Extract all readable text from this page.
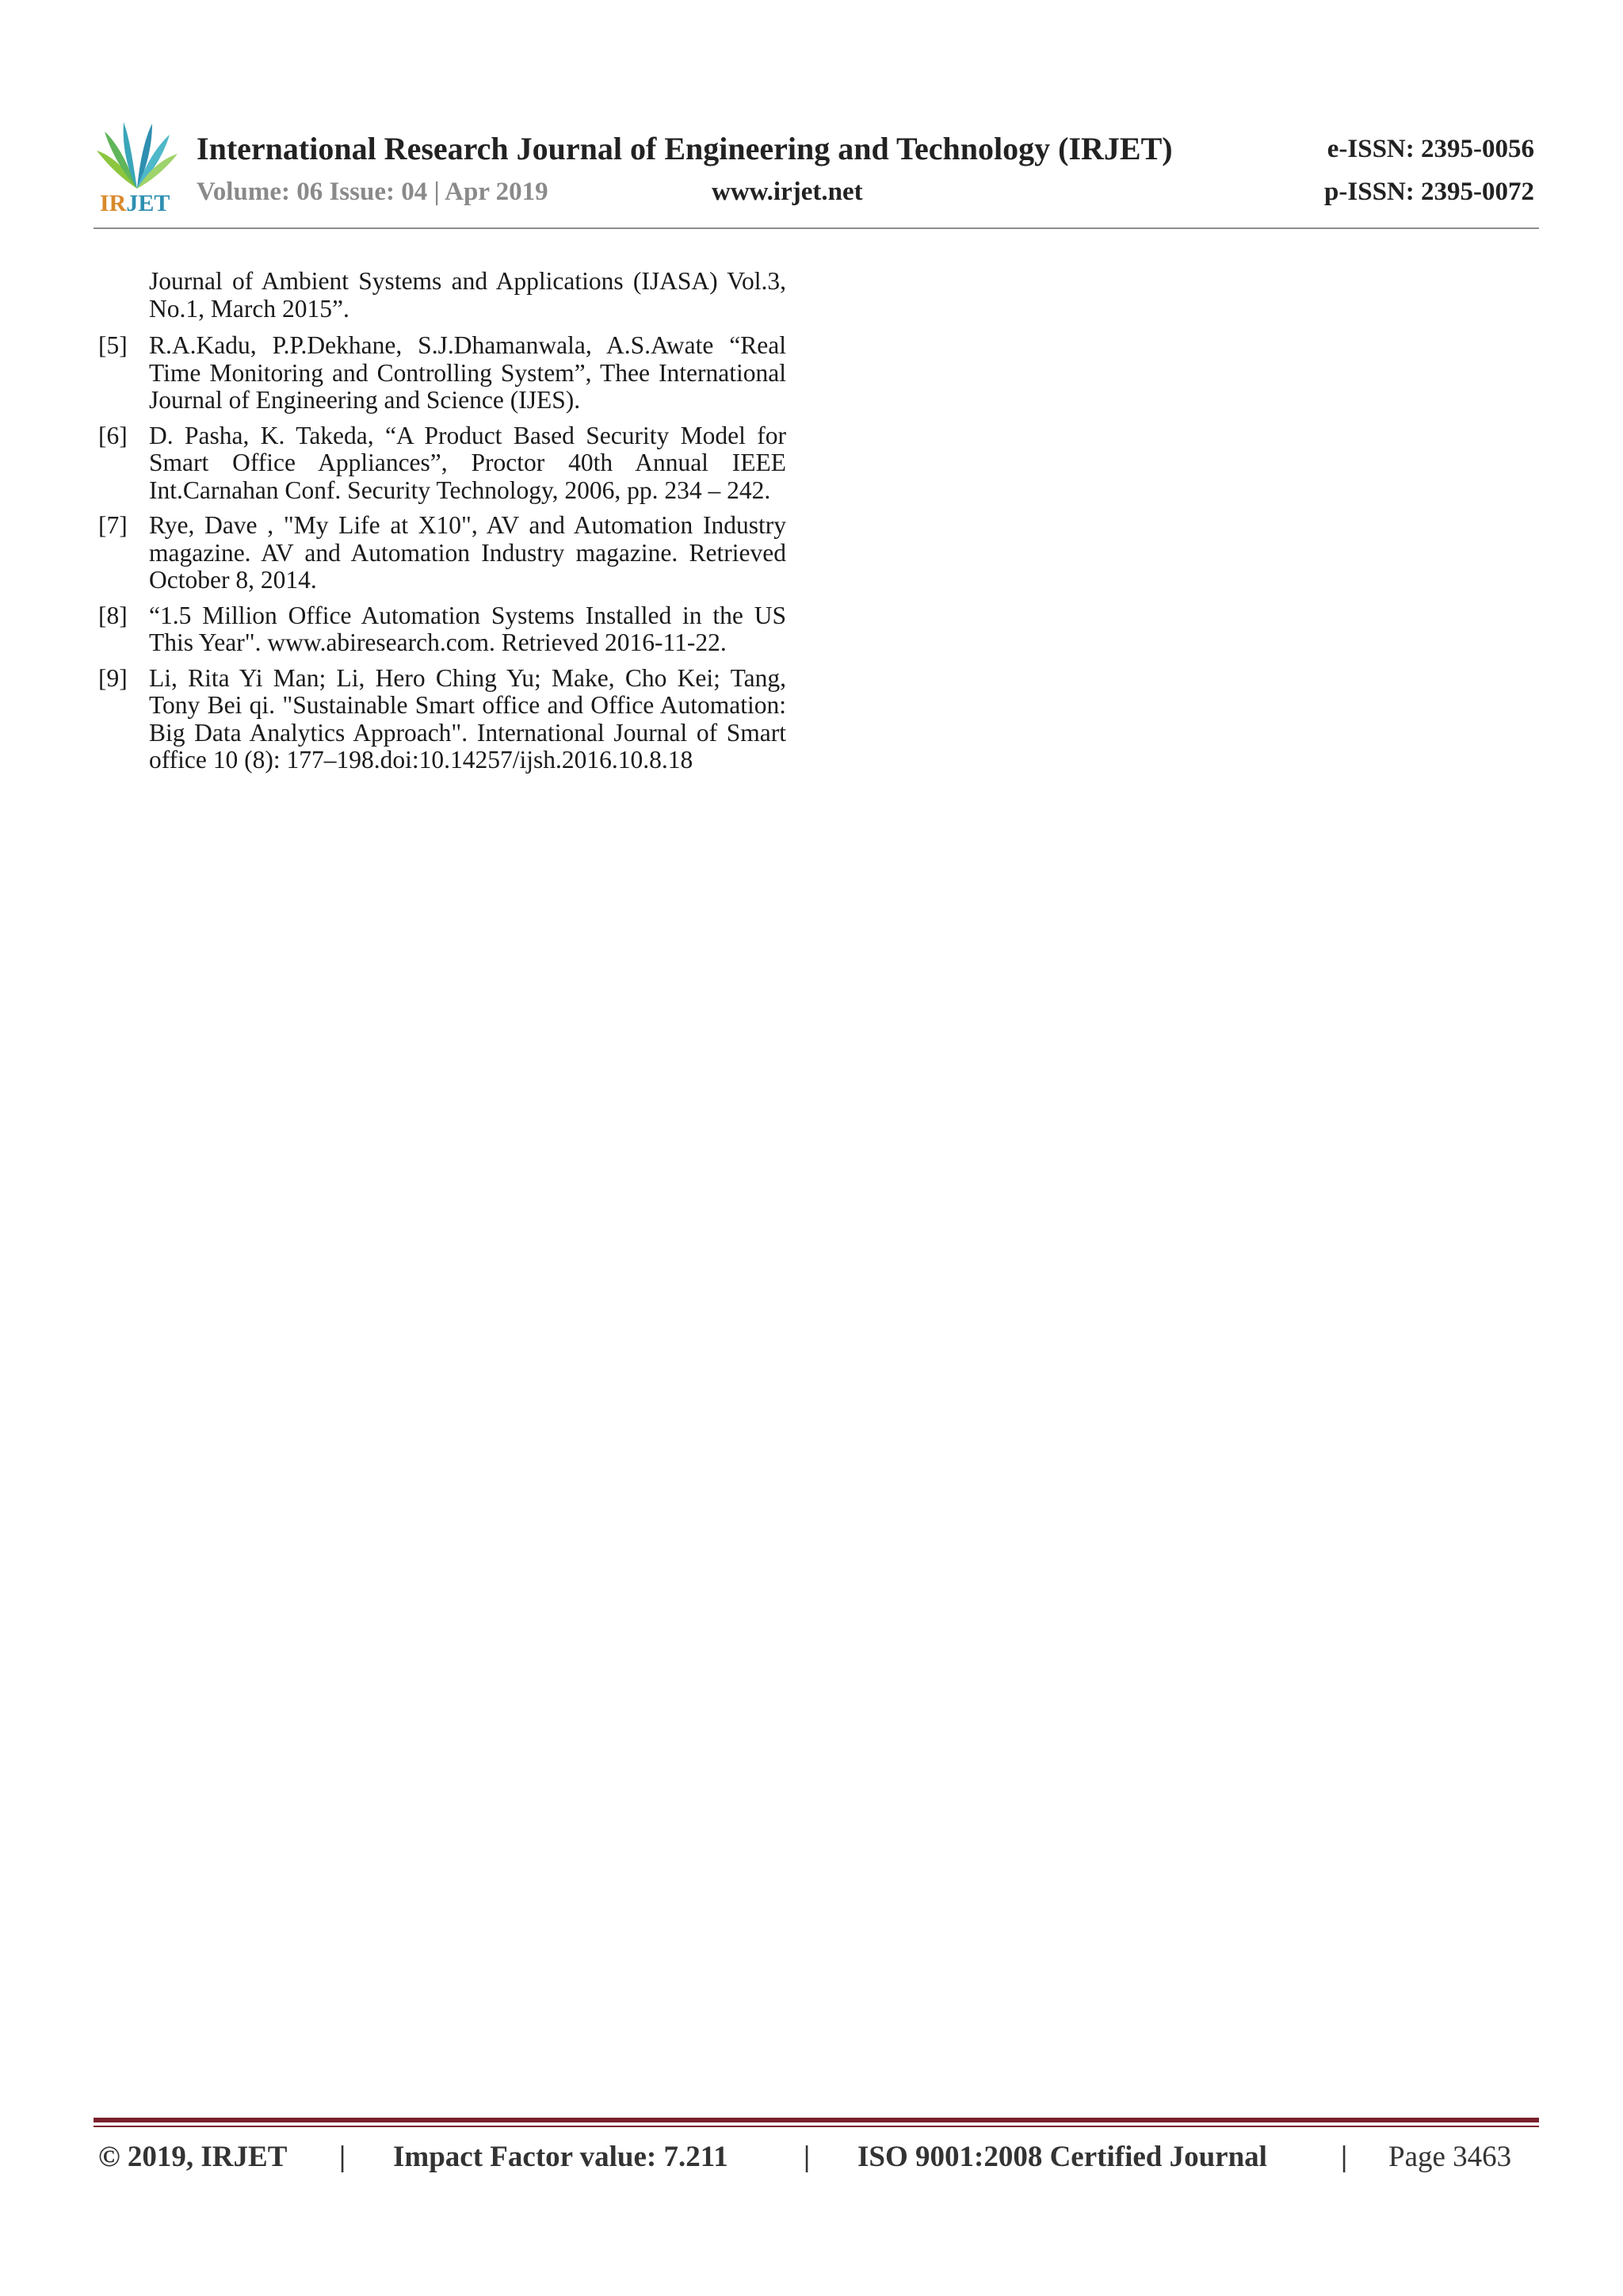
IRJET
International Research Journal of Engineering and Technology (IRJET)	e-ISSN: 2395-0056
Volume: 06 Issue: 04 | Apr 2019	www.irjet.net	p-ISSN: 2395-0072
Journal of Ambient Systems and Applications (IJASA) Vol.3, No.1, March 2015”.
[5] R.A.Kadu, P.P.Dekhane, S.J.Dhamanwala, A.S.Awate “Real Time Monitoring and Controlling System”, Thee International Journal of Engineering and Science (IJES).
[6] D. Pasha, K. Takeda, “A Product Based Security Model for Smart Office Appliances”, Proctor 40th Annual IEEE Int.Carnahan Conf. Security Technology, 2006, pp. 234 – 242.
[7] Rye, Dave , "My Life at X10", AV and Automation Industry magazine. AV and Automation Industry magazine. Retrieved October 8, 2014.
[8] “1.5 Million Office Automation Systems Installed in the US This Year". www.abiresearch.com. Retrieved 2016-11-22.
[9] Li, Rita Yi Man; Li, Hero Ching Yu; Make, Cho Kei; Tang, Tony Bei qi. "Sustainable Smart office and Office Automation: Big Data Analytics Approach". International Journal of Smart office 10 (8): 177–198.doi:10.14257/ijsh.2016.10.8.18
© 2019, IRJET | Impact Factor value: 7.211	| ISO 9001:2008 Certified Journal	| Page 3463
